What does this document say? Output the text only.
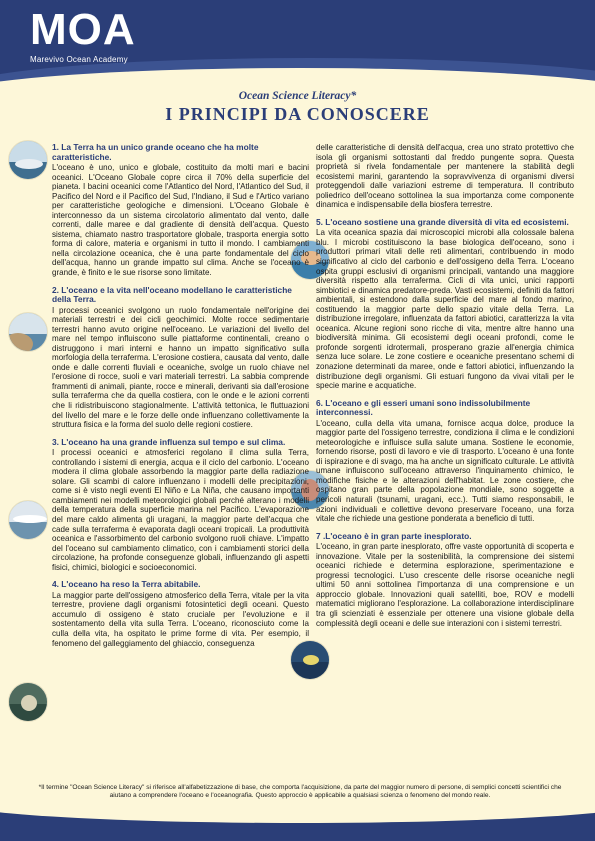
MOA
Marevivo Ocean Academy
Ocean Science Literacy*
I PRINCIPI DA CONOSCERE
1. La Terra ha un unico grande oceano che ha molte caratteristiche.

L'oceano è uno, unico e globale, costituito da molti mari e bacini oceanici. L'Oceano Globale copre circa il 70% della superficie del pianeta. I bacini oceanici come l'Atlantico del Nord, l'Atlantico del Sud, il Pacifico del Nord e il Pacifico del Sud, l'Indiano, il Sud e l'Artico variano per caratteristiche geologiche e dimensioni. L'Oceano Globale è interconnesso da un sistema circolatorio alimentato dal vento, dalle correnti, dalle maree e dal gradiente di densità dell'acqua. Questo sistema, chiamato nastro trasportatore globale, trasporta energia sotto forma di calore, materia e organismi in tutto il mondo. I cambiamenti nella circolazione oceanica, che è una parte fondamentale del ciclo dell'acqua, hanno un grande impatto sul clima. Anche se l'oceano è grande, è finito e le sue risorse sono limitate.

2. L'oceano e la vita nell'oceano modellano le caratteristiche della Terra.

I processi oceanici svolgono un ruolo fondamentale nell'origine dei materiali terrestri e dei cicli geochimici. Molte rocce sedimentarie terrestri hanno avuto origine nell'oceano. Le variazioni del livello del mare nel tempo influiscono sulle piattaforme continentali, creano o distruggono i mari interni e hanno un impatto significativo sulla morfologia della terraferma. L'erosione costiera, causata dal vento, dalle onde e dalle correnti fluviali e oceaniche, svolge un ruolo chiave nel l'erosione di rocce, suoli e vari materiali terrestri. La sabbia comprende frammenti di animali, piante, rocce e minerali, derivanti sia dall'erosione sulla terraferma che da quella costiera, con le onde e le azioni correnti che li ridistribuiscono stagionalmente. L'attività tettonica, le fluttuazioni del livello del mare e le forze delle onde influenzano collettivamente la struttura fisica e la forma del suolo delle regioni costiere.

3. L'oceano ha una grande influenza sul tempo e sul clima.

I processi oceanici e atmosferici regolano il clima sulla Terra, controllando i sistemi di energia, acqua e il ciclo del carbonio. L'oceano modera il clima globale assorbendo la maggior parte della radiazione solare. Gli scambi di calore influenzano i modelli delle precipitazioni, come si è visto negli eventi El Niño e La Niña, che causano importanti cambiamenti nei modelli meteorologici globali perché alterano i modelli della temperatura della superficie marina nel Pacifico. L'evaporazione del mare caldo alimenta gli uragani, la maggior parte dell'acqua che cade sulla terraferma è evaporata dagli oceani tropicali. La produttività oceanica e l'assorbimento del carbonio svolgono ruoli chiave. L'impatto del l'oceano sul cambiamento climatico, con i cambiamenti storici della circolazione, ha profonde conseguenze globali, influenzando gli aspetti fisici, chimici, biologici e socioeconomici.

4. L'oceano ha reso la Terra abitabile.

La maggior parte dell'ossigeno atmosferico della Terra, vitale per la vita terrestre, proviene dagli organismi fotosintetici degli oceani. Questo accumulo di ossigeno è stato cruciale per l'evoluzione e il sostentamento della vita sulla Terra. L'oceano, riconosciuto come la culla della vita, ha ospitato le prime forme di vita. Per esempio, il fenomeno del galleggiamento del ghiaccio, conseguenza

delle caratteristiche di densità dell'acqua, crea uno strato protettivo che isola gli organismi sottostanti dal freddo pungente sopra. Questa proprietà si rivela fondamentale per mantenere la stabilità degli ecosistemi marini, garantendo la sopravvivenza di organismi diversi proteggendoli dalle variazioni estreme di temperatura. Il contributo poliedrico dell'oceano sottolinea la sua importanza come componente dinamica e indispensabile della biosfera terrestre.

5. L'oceano sostiene una grande diversità di vita ed ecosistemi.

La vita oceanica spazia dai microscopici microbi alla colossale balena blu. I microbi costituiscono la base biologica dell'oceano, sono i produttori primari vitali delle reti alimentari, contribuendo in modo significativo al ciclo del carbonio e dell'ossigeno della Terra. L'oceano ospita gruppi esclusivi di organismi principali, vantando una maggiore diversità rispetto alla terraferma. Cicli di vita unici, unici rapporti simbiotici e dinamica predatore-preda. Vasti ecosistemi, definiti da fattori ambientali, si estendono dalla superficie del mare al fondo marino, costituendo la maggior parte dello spazio vitale della Terra. La distribuzione irregolare, influenzata da fattori abiotici, caratterizza la vita oceanica. Alcune regioni sono ricche di vita, mentre altre hanno una biodiversità minima. Gli ecosistemi degli oceani profondi, come le profonde sorgenti idrotermali, prosperano grazie all'energia chimica senza luce solare. Le zone costiere e oceaniche presentano schemi di zonazione determinati da maree, onde e fattori abiotici, influenzando la distribuzione degli organismi. Gli estuari fungono da vivai vitali per le specie marine e acquatiche.

6. L'oceano e gli esseri umani sono indissolubilmente interconnessi.

L'oceano, culla della vita umana, fornisce acqua dolce, produce la maggior parte del l'ossigeno terrestre, condiziona il clima e le condizioni meteorologiche e influisce sulla salute umana. Sostiene le economie, fornendo risorse, posti di lavoro e vie di trasporto. L'oceano è una fonte di ispirazione e di svago, ma ha anche un significato culturale. Le attività umane influiscono sull'oceano attraverso l'inquinamento chimico, le modifiche fisiche e le alterazioni dell'habitat. Le zone costiere, che ospitano gran parte della popolazione mondiale, sono soggette a pericoli naturali (tsunami, uragani, ecc.). Tutti siamo responsabili, le azioni individuali e collettive devono preservare l'oceano, una forza vitale che richiede una gestione ponderata a beneficio di tutti.

7 .L'oceano è in gran parte inesplorato.

L'oceano, in gran parte inesplorato, offre vaste opportunità di scoperta e innovazione. Vitale per la sostenibilità, la comprensione dei sistemi oceanici richiede e determina esplorazione, sperimentazione e progressi tecnologici. L'uso crescente delle risorse oceaniche negli ultimi 50 anni sottolinea l'importanza di una comprensione e un approccio globale. Innovazioni quali satelliti, boe, ROV e modelli matematici migliorano l'esplorazione. La collaborazione interdisciplinare tra gli scienziati è essenziale per ottenere una visione globale della complessità degli oceani e delle sue interazioni con i sistemi terrestri.

*Il termine "Ocean Science Literacy" si riferisce all'alfabetizzazione di base, che comporta l'acquisizione, da parte del maggior numero di persone, di semplici concetti scientifici che aiutano a comprendere l'oceano e l'oceanografia. Questo approccio è applicabile a qualsiasi scienza o fenomeno del mondo reale.
